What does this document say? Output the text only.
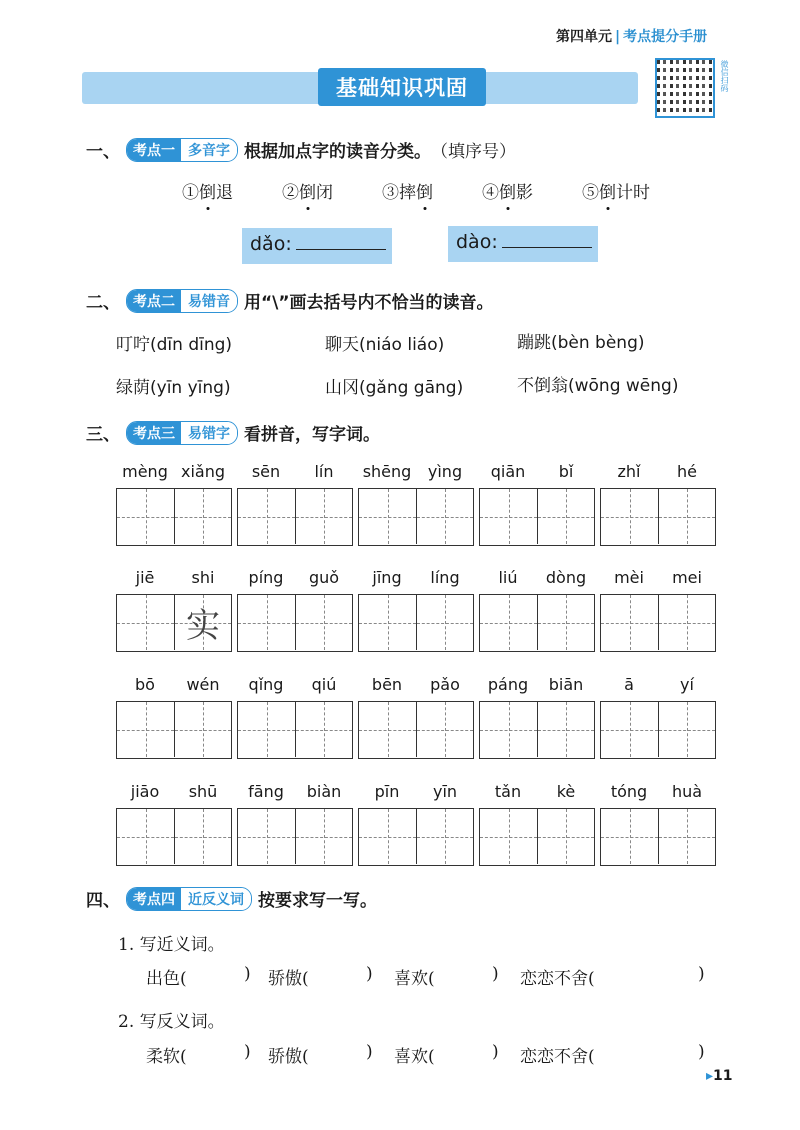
第四单元 | 考点提分手册
基础知识巩固	微信扫码
一、 考点一 多音字 根据加点字的读音分类。 （填序号）
①倒退	②倒闭	③摔倒	④倒影	⑤倒计时
dǎo:	dào:
二、 考点二 易错音 用“\”画去括号内不恰当的读音。
叮咛(dīn dīng)	聊天(niáo liáo)	蹦跳(bèn bèng)
绿荫(yīn yīng)	山冈(gǎng gāng)	不倒翁(wōng wēng)
三、 考点三 易错字 看拼音，写字词。
mèng xiǎng	sēn	lín	shēng	yìng	qiān	bǐ	zhǐ	hé
jiē	shi
实
píng	guǒ	jīng	líng	liú	dòng	mèi	mei
bō	wén	qǐng	qiú	bēn	pǎo	páng	biān	ā	yí
jiāo	shū	fāng	biàn	pīn	yīn	tǎn	kè	tóng	huà
四、 考点四 近反义词 按要求写一写。
1. 写近义词。
出色(	) 骄傲(	) 喜欢(	) 恋恋不舍(	)
2. 写反义词。
柔软(	) 骄傲(	) 喜欢(	) 恋恋不舍(	)
▸11
